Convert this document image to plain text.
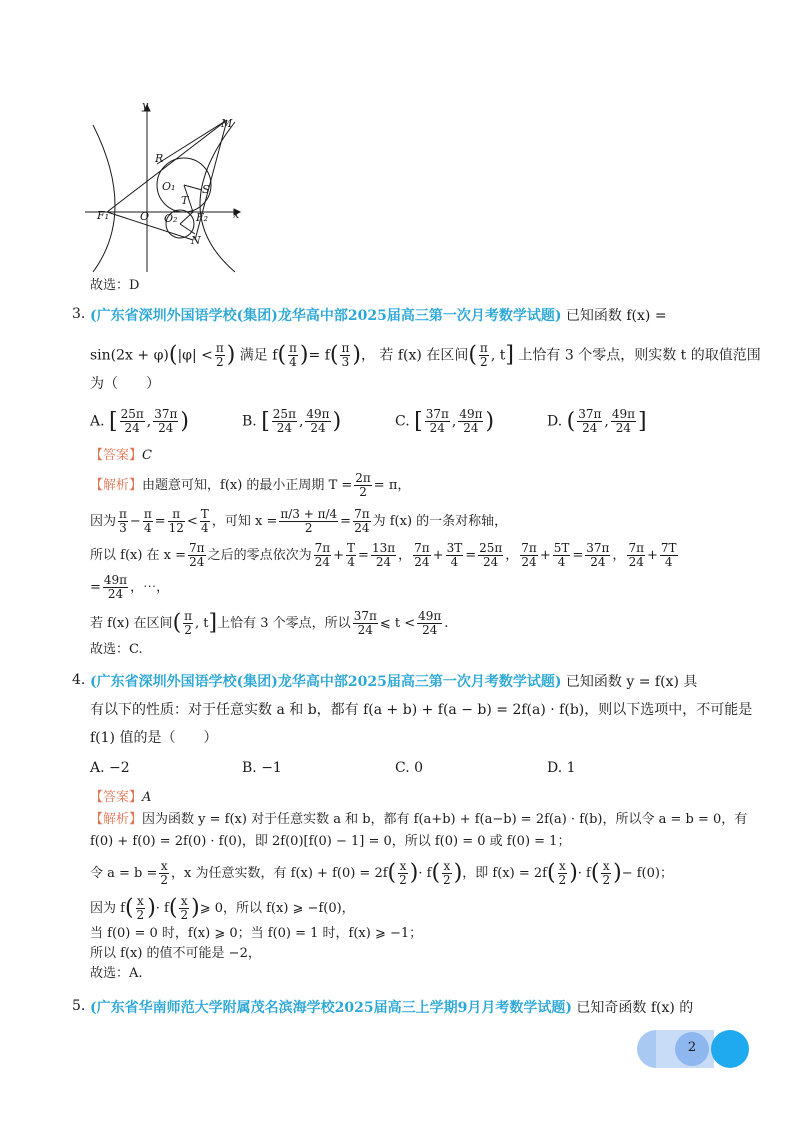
y
x
M
R
O₁ S
T
F₁	O O₂ F₂
N
故选：D
3. (广东省深圳外国语学校(集团)龙华高中部2025届高三第一次月考数学试题) 已知函数 f(x) =
$\sin(2x + \varphi)(|\varphi| < \frac{\pi}{2}$ ) 满足 $f( \frac{\pi}{4}$ )= $f( \frac{\pi}{3}$ )， 若 f(x) 在区间( $\frac{\pi}{2}$ , t] 上恰有 3 个零点，则实数 t 的取值范围
为（　　）
A. [ $\frac{25\pi}{24}$ , $\frac{37\pi}{24}$ )	B. [ $\frac{25\pi}{24}$ , $\frac{49\pi}{24}$ )	C. [ $\frac{37\pi}{24}$ , $\frac{49\pi}{24}$ )	D. ( $\frac{37\pi}{24}$ , $\frac{49\pi}{24}$ ]
【答案】C
【解析】由题意可知，f(x) 的最小正周期 $T = \frac{2\pi}{2} = \pi$，
因为 $\frac{\pi}{3} - \frac{\pi}{4} = \frac{\pi}{12} < \frac{T}{4}$ ，可知 $x = \frac{\pi/3 + \pi/4}{2} = \frac{7\pi}{24}$ 为 f(x) 的一条对称轴，
所以 f(x) 在 $x = \frac{7\pi}{24}$ 之后的零点依次为 $\frac{7\pi}{24} + \frac{T}{4} = \frac{13\pi}{24}$ ， $\frac{7\pi}{24} + \frac{3T}{4} = \frac{25\pi}{24}$ ， $\frac{7\pi}{24} + \frac{5T}{4} = \frac{37\pi}{24}$ ， $\frac{7\pi}{24} + \frac{7T}{4}$
= $\frac{49\pi}{24}$ ，⋯，
若 f(x) 在区间( $\frac{\pi}{2}$ , t]上恰有 3 个零点，所以 $\frac{37\pi}{24}$ ⩽ $t < \frac{49\pi}{24}$ .
故选：C.
4. (广东省深圳外国语学校(集团)龙华高中部2025届高三第一次月考数学试题) 已知函数 y = f(x) 具
有以下的性质：对于任意实数 a 和 b，都有 f(a + b) + f(a − b) = 2f(a) · f(b)，则以下选项中，不可能是
f(1) 值的是（　　）
A. −2	B. −1	C. 0	D. 1
【答案】A
【解析】因为函数 y = f(x) 对于任意实数 a 和 b，都有 f(a+b) + f(a−b) = 2f(a) · f(b)，所以令 a = b = 0，有
f(0) + f(0) = 2f(0) · f(0)，即 2f(0)[f(0) − 1] = 0，所以 f(0) = 0 或 f(0) = 1；
令 $a = b = \frac{x}{2}$ ，x 为任意实数，有 $f(x) + f(0) = 2f( \frac{x}{2}$ )· $f( \frac{x}{2}$ )，即 $f(x) = 2f( \frac{x}{2}$ )· $f( \frac{x}{2}$ )− f(0)；
因为 $f( \frac{x}{2}$ )· $f( \frac{x}{2}$ )⩾ 0，所以 f(x) ⩾ −f(0)，
当 f(0) = 0 时，f(x) ⩾ 0；当 f(0) = 1 时，f(x) ⩾ −1；
所以 f(x) 的值不可能是 −2，
故选：A.
5. (广东省华南师范大学附属茂名滨海学校2025届高三上学期9月月考数学试题) 已知奇函数 f(x) 的
2
